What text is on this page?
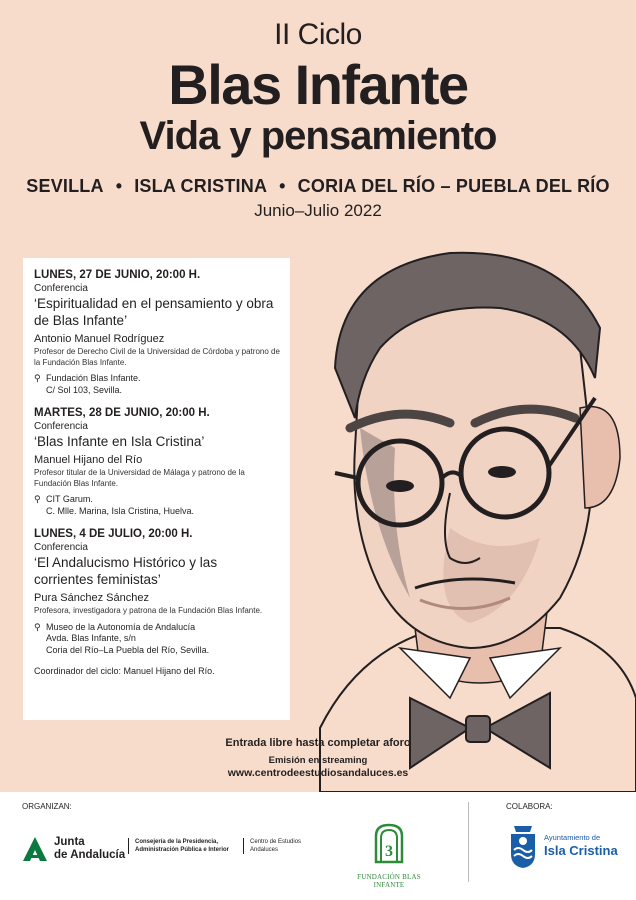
II Ciclo
Blas Infante
Vida y pensamiento
SEVILLA • ISLA CRISTINA • CORIA DEL RÍO – PUEBLA DEL RÍO
Junio–Julio 2022
LUNES, 27 DE JUNIO, 20:00 H.
Conferencia
‘Espiritualidad en el pensamiento y obra de Blas Infante’
Antonio Manuel Rodríguez
Profesor de Derecho Civil de la Universidad de Córdoba y patrono de la Fundación Blas Infante.
⚲ Fundación Blas Infante.
C/ Sol 103, Sevilla.
MARTES, 28 DE JUNIO, 20:00 H.
Conferencia
‘Blas Infante en Isla Cristina’
Manuel Hijano del Río
Profesor titular de la Universidad de Málaga y patrono de la Fundación Blas Infante.
⚲ CIT Garum.
C. Mlle. Marina, Isla Cristina, Huelva.
LUNES, 4 DE JULIO, 20:00 H.
Conferencia
‘El Andalucismo Histórico y las corrientes feministas’
Pura Sánchez Sánchez
Profesora, investigadora y patrona de la Fundación Blas Infante.
⚲ Museo de la Autonomía de Andalucía
Avda. Blas Infante, s/n
Coria del Río–La Puebla del Río, Sevilla.
Coordinador del ciclo: Manuel Hijano del Río.
Entrada libre hasta completar aforo
Emisión en streaming
www.centrodeestudiosandaluces.es
ORGANIZAN:	COLABORA:
Junta
de Andalucía
Consejería de la Presidencia,
Administración Pública e Interior
Centro de Estudios
Andaluces	3
FUNDACIÓN BLAS INFANTE
Ayuntamiento de
Isla Cristina
